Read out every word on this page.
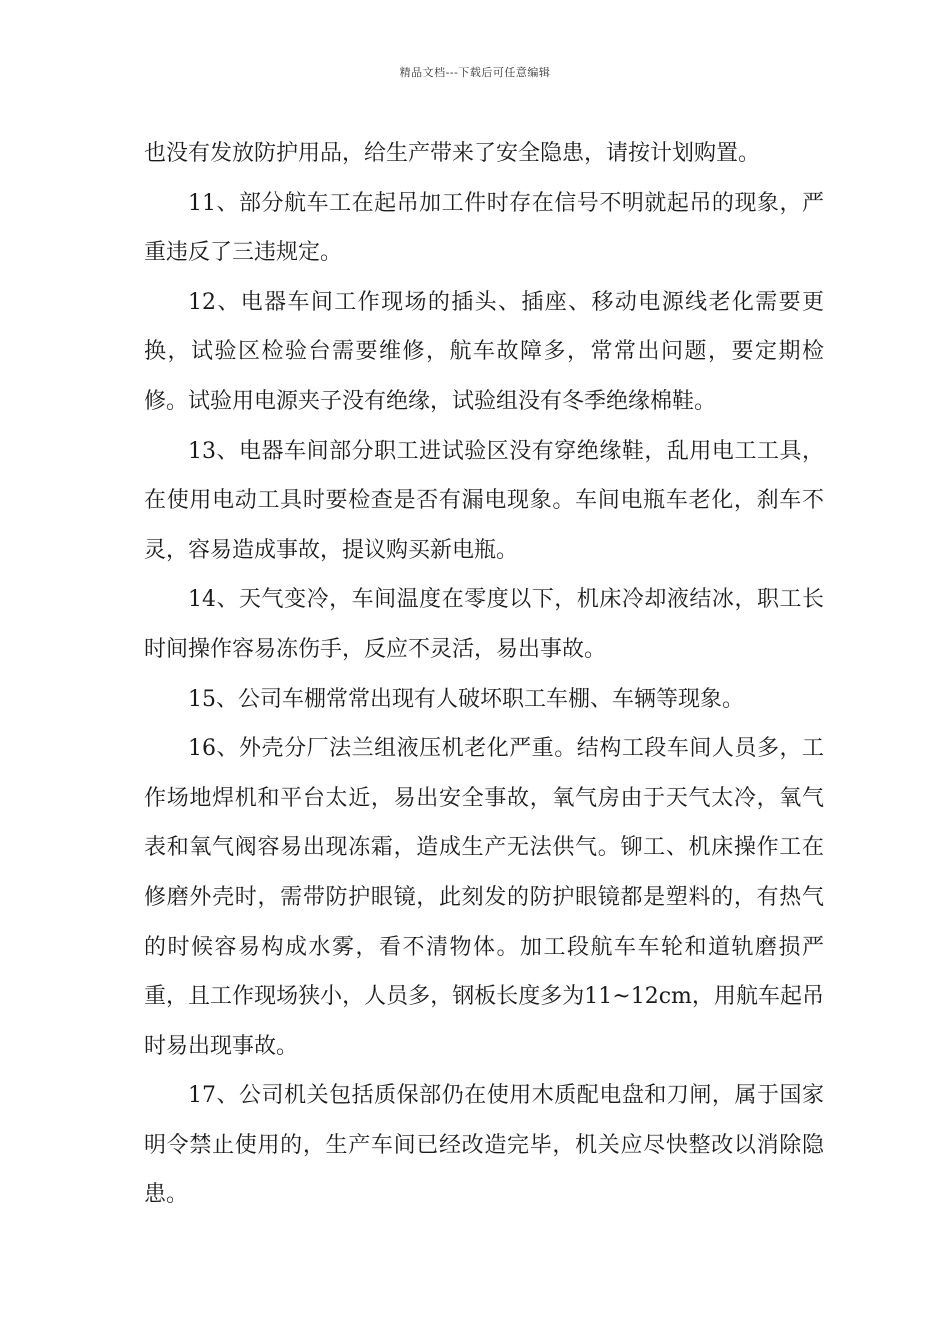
精品文档---下载后可任意编辑

也没有发放防护用品，给生产带来了安全隐患，请按计划购置。

11、部分航车工在起吊加工件时存在信号不明就起吊的现象，严重违反了三违规定。

12、电器车间工作现场的插头、插座、移动电源线老化需要更换，试验区检验台需要维修，航车故障多，常常出问题，要定期检修。试验用电源夹子没有绝缘，试验组没有冬季绝缘棉鞋。

13、电器车间部分职工进试验区没有穿绝缘鞋，乱用电工工具，在使用电动工具时要检查是否有漏电现象。车间电瓶车老化，刹车不灵，容易造成事故，提议购买新电瓶。

14、天气变冷，车间温度在零度以下，机床冷却液结冰，职工长时间操作容易冻伤手，反应不灵活，易出事故。

15、公司车棚常常出现有人破坏职工车棚、车辆等现象。

16、外壳分厂法兰组液压机老化严重。结构工段车间人员多，工作场地焊机和平台太近，易出安全事故，氧气房由于天气太冷，氧气表和氧气阀容易出现冻霜，造成生产无法供气。铆工、机床操作工在修磨外壳时，需带防护眼镜，此刻发的防护眼镜都是塑料的，有热气的时候容易构成水雾，看不清物体。加工段航车车轮和道轨磨损严重，且工作现场狭小，人员多，钢板长度多为11~12cm，用航车起吊时易出现事故。

17、公司机关包括质保部仍在使用木质配电盘和刀闸，属于国家明令禁止使用的，生产车间已经改造完毕，机关应尽快整改以消除隐患。
